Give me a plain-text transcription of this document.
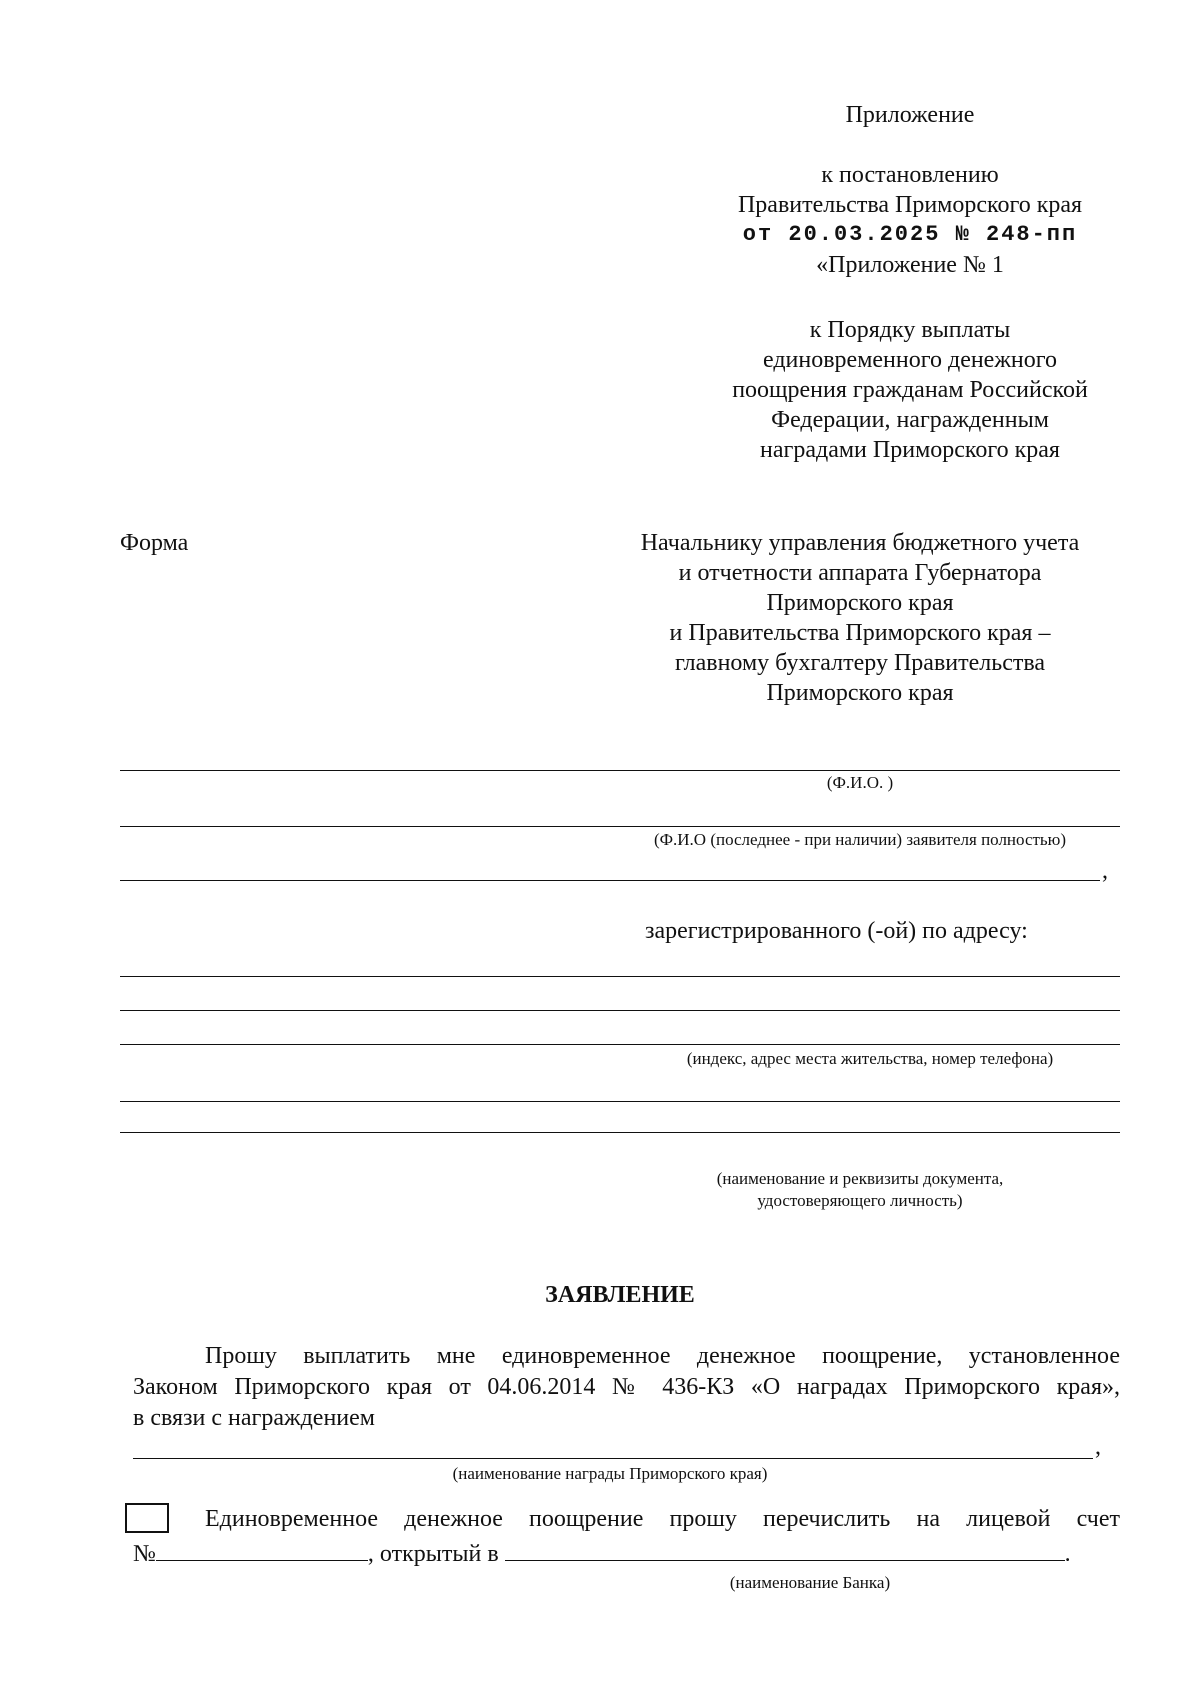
Приложение
к постановлению
Правительства Приморского края
от 20.03.2025 № 248-пп
«Приложение № 1
к Порядку выплаты
единовременного денежного
поощрения гражданам Российской
Федерации, награжденным
наградами Приморского края
Форма	Начальнику управления бюджетного учета
и отчетности аппарата Губернатора
Приморского края
и Правительства Приморского края –
главному бухгалтеру Правительства
Приморского края
(Ф.И.О. )
(Ф.И.О (последнее - при наличии) заявителя полностью)
,
зарегистрированного (-ой) по адресу:
(индекс, адрес места жительства, номер телефона)
(наименование и реквизиты документа,
удостоверяющего личность)
ЗАЯВЛЕНИЕ
Прошу выплатить мне единовременное денежное поощрение, установленное
Законом Приморского края от 04.06.2014 № 436-КЗ «О наградах Приморского края»,
в связи с награждением
,
(наименование награды Приморского края)
Единовременное денежное поощрение прошу перечислить на лицевой счет
№	, открытый в	.
(наименование Банка)
